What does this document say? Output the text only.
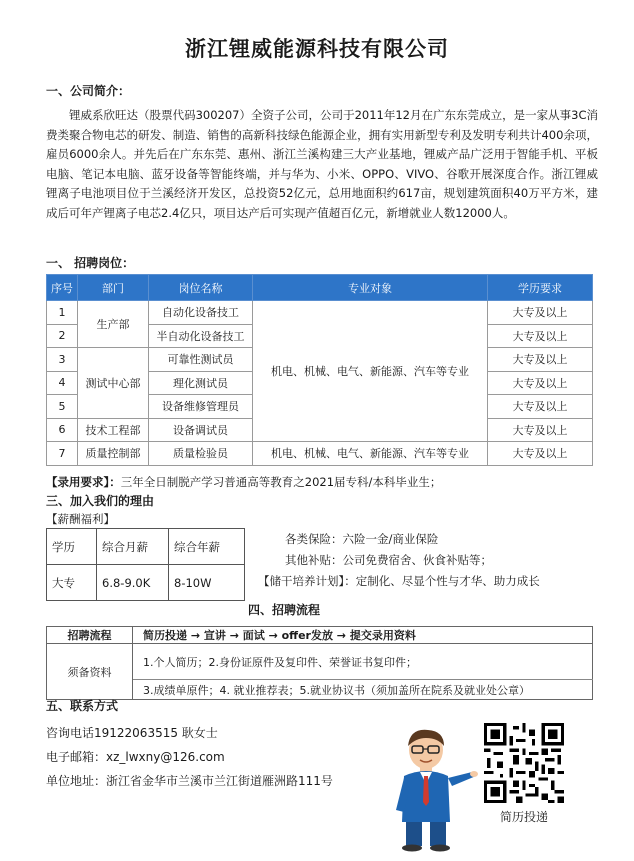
浙江锂威能源科技有限公司
一、公司简介：
锂威系欣旺达（股票代码300207）全资子公司，公司于2011年12月在广东东莞成立，是一家从事3C消费类聚合物电芯的研发、制造、销售的高新科技绿色能源企业，拥有实用新型专利及发明专利共计400余项，雇员6000余人。并先后在广东东莞、惠州、浙江兰溪构建三大产业基地，锂威产品广泛用于智能手机、平板电脑、笔记本电脑、蓝牙设备等智能终端，并与华为、小米、OPPO、VIVO、谷歌开展深度合作。浙江锂威锂离子电池项目位于兰溪经济开发区，总投资52亿元，总用地面积约617亩，规划建筑面积40万平方米，建成后可年产锂离子电芯2.4亿只，项目达产后可实现产值超百亿元，新增就业人数12000人。
一、 招聘岗位：
序号	部门	岗位名称	专业对象	学历要求
1	生产部	自动化设备技工	机电、机械、电气、新能源、汽车等专业	大专及以上
2		半自动化设备技工		大专及以上
3	测试中心部	可靠性测试员		大专及以上
4		理化测试员		大专及以上
5		设备维修管理员		大专及以上
6	技术工程部	设备调试员		大专及以上
7	质量控制部	质量检验员	机电、机械、电气、新能源、汽车等专业	大专及以上
【录用要求】：三年全日制脱产学习普通高等教育之2021届专科/本科毕业生；
三、加入我们的理由
【薪酬福利】
学历	综合月薪	综合年薪
大专	6.8-9.0K	8-10W
各类保险：六险一金/商业保险
其他补贴：公司免费宿舍、伙食补贴等；
【储干培养计划】：定制化、尽显个性与才华、助力成长
四、招聘流程
招聘流程	简历投递 → 宣讲 → 面试 → offer发放 → 提交录用资料
须备资料	1.个人简历；2.身份证原件及复印件、荣誉证书复印件；
	3.成绩单原件；4. 就业推荐表；5.就业协议书（须加盖所在院系及就业处公章）
五、联系方式
咨询电话19122063515 耿女士
电子邮箱：xz_lwxny@126.com
单位地址：浙江省金华市兰溪市兰江街道雁洲路111号
简历投递
